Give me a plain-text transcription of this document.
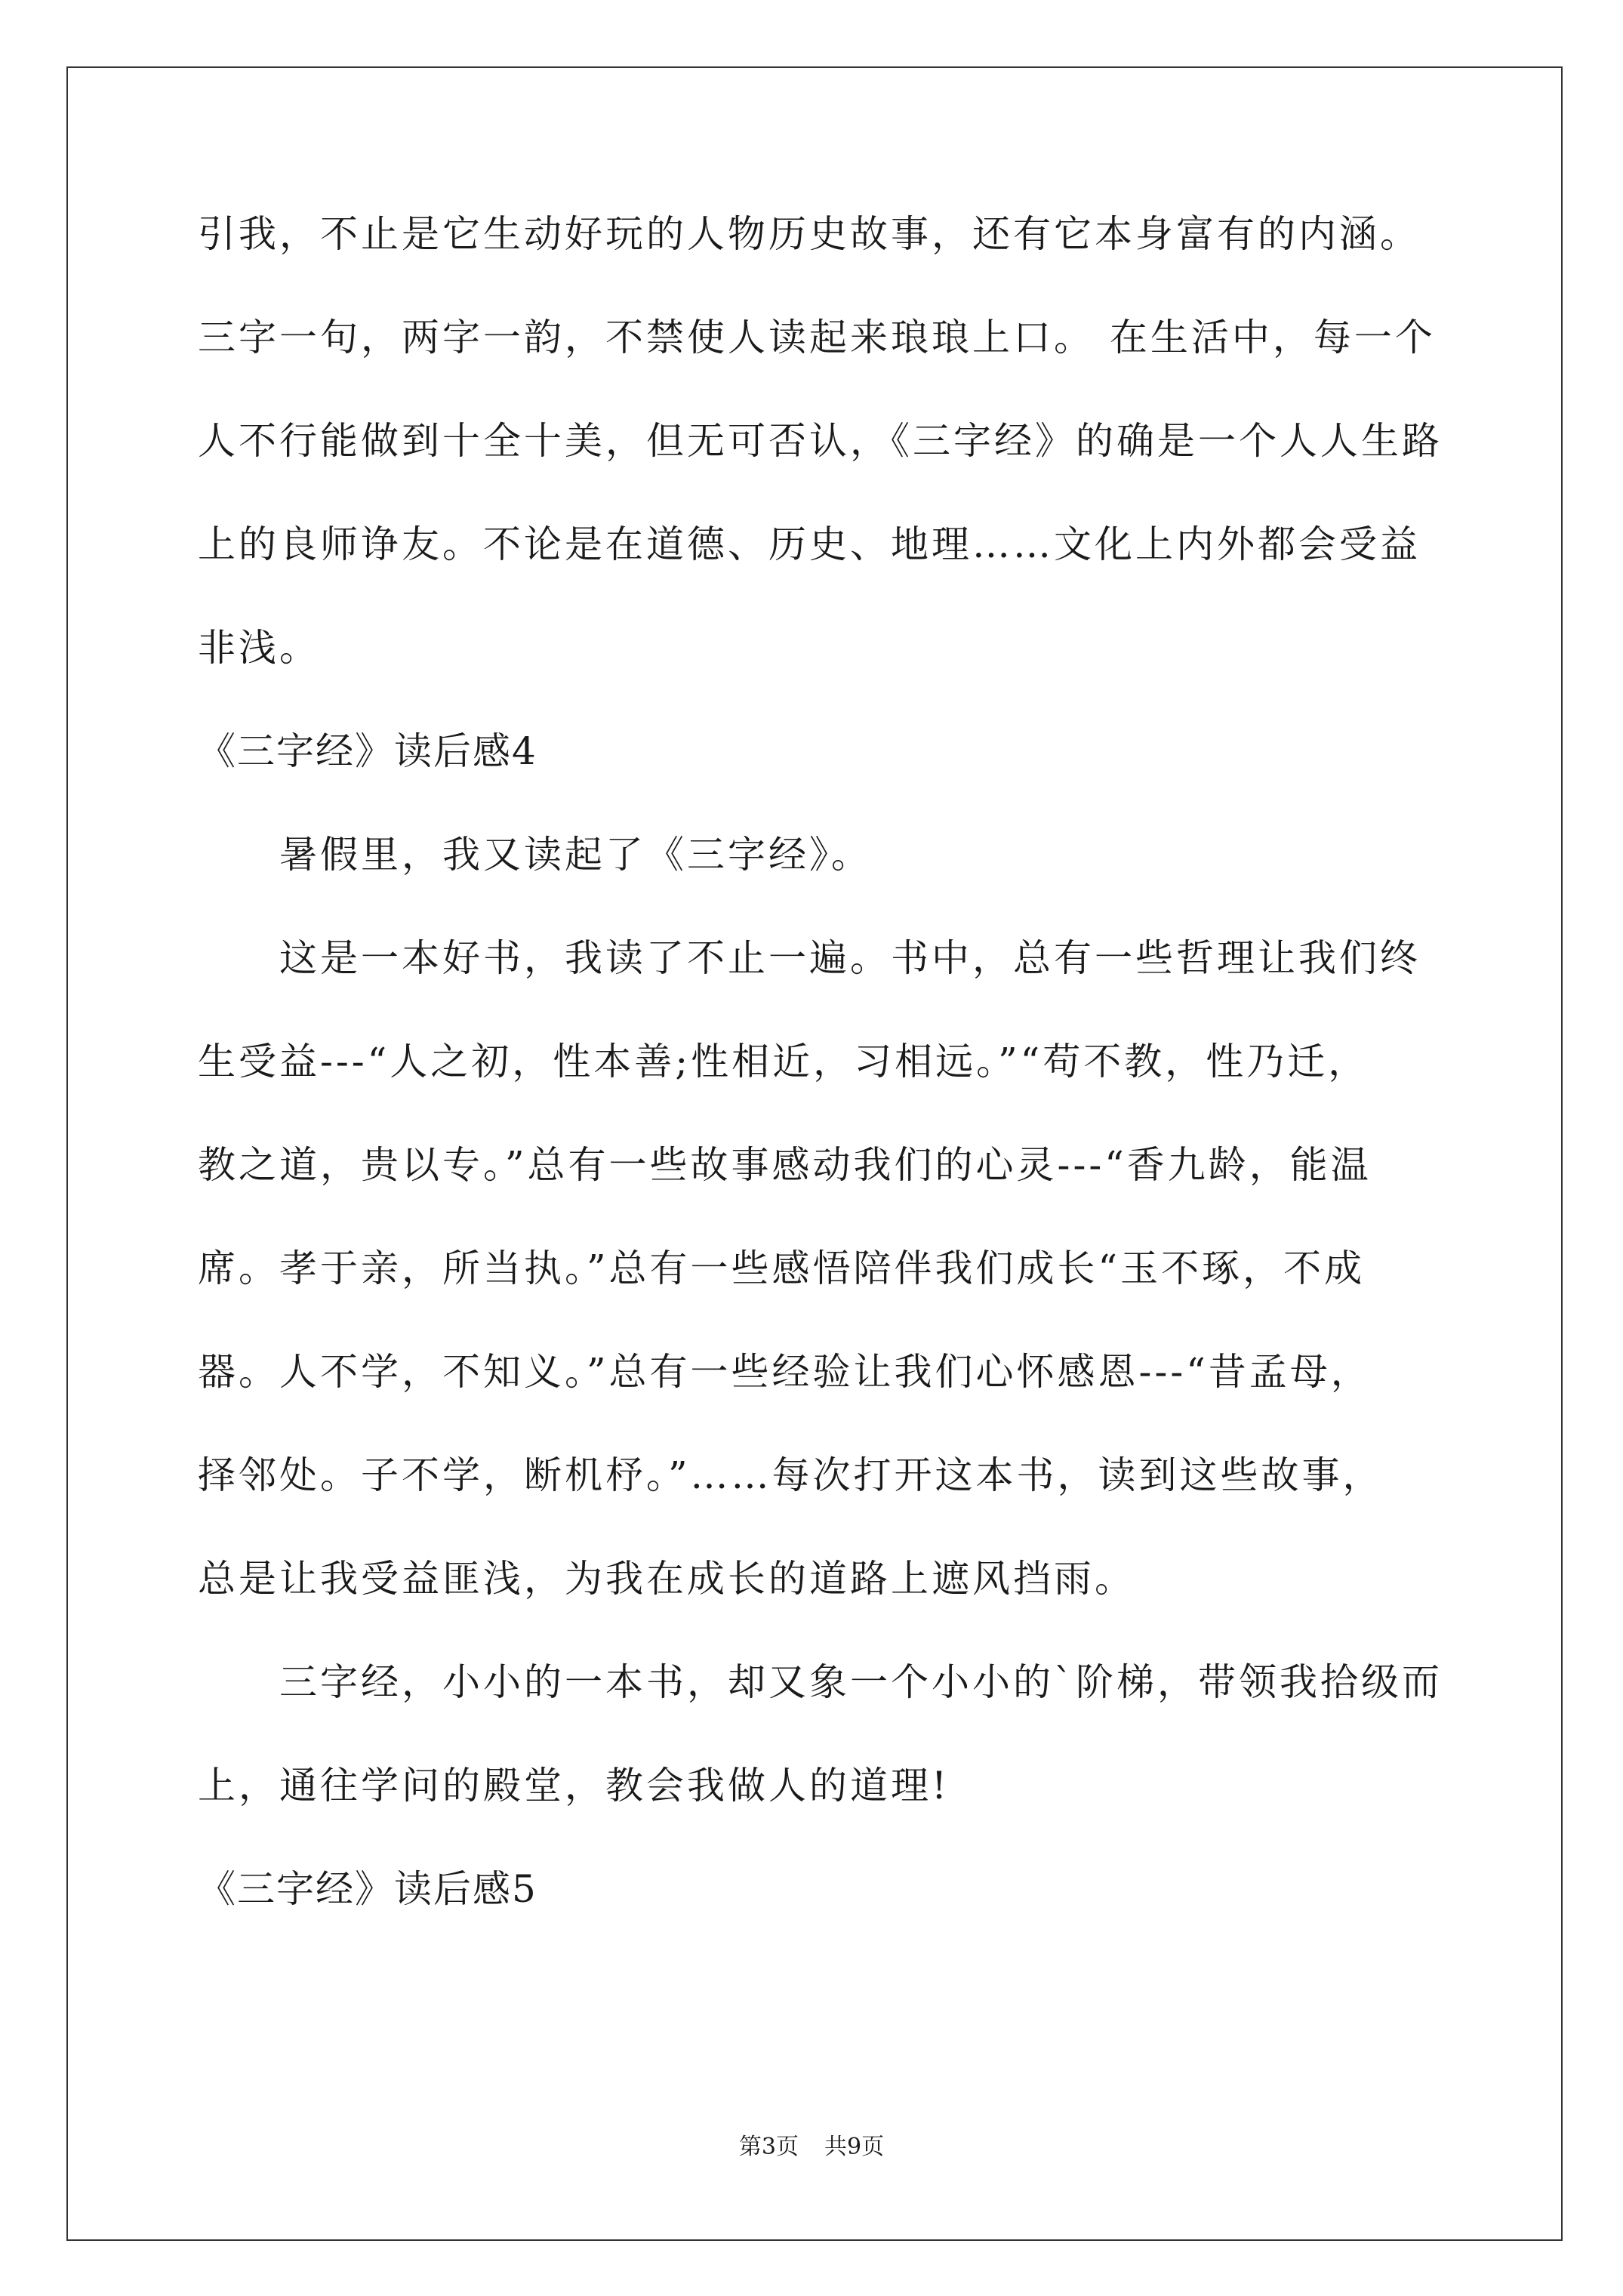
引我，不止是它生动好玩的人物历史故事，还有它本身富有的内涵。
三字一句，两字一韵，不禁使人读起来琅琅上口。 在生活中，每一个
人不行能做到十全十美，但无可否认，《三字经》的确是一个人人生路
上的良师诤友。不论是在道德、历史、地理……文化上内外都会受益
非浅。
《三字经》读后感4
暑假里，我又读起了《三字经》。
这是一本好书，我读了不止一遍。书中，总有一些哲理让我们终
生受益---“人之初，性本善;性相近，习相远。”“苟不教，性乃迁，
教之道，贵以专。”总有一些故事感动我们的心灵---“香九龄，能温
席。孝于亲，所当执。”总有一些感悟陪伴我们成长“玉不琢，不成
器。人不学，不知义。”总有一些经验让我们心怀感恩---“昔孟母，
择邻处。子不学，断机杼。”……每次打开这本书，读到这些故事，
总是让我受益匪浅，为我在成长的道路上遮风挡雨。
三字经，小小的一本书，却又象一个小小的`阶梯，带领我拾级而
上，通往学问的殿堂，教会我做人的道理!
《三字经》读后感5
第3页 共9页
